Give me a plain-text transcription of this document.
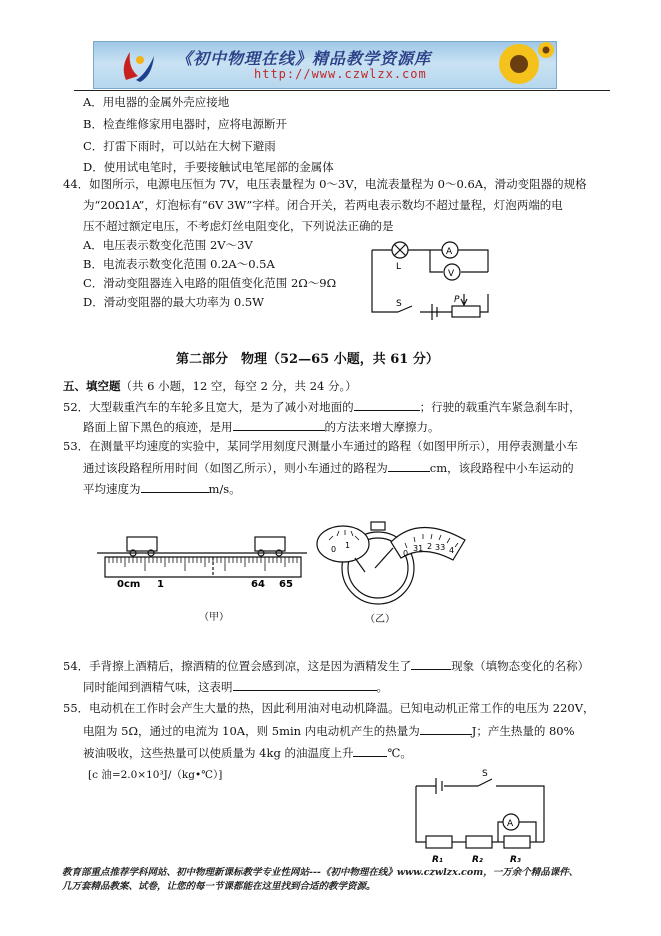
《初中物理在线》精品教学资源库
http://www.czwlzx.com
A．用电器的金属外壳应接地
B．检查维修家用电器时，应将电源断开
C．打雷下雨时，可以站在大树下避雨
D．使用试电笔时，手要接触试电笔尾部的金属体
44．如图所示，电源电压恒为 7V，电压表量程为 0～3V，电流表量程为 0～0.6A，滑动变阻器的规格
为“20Ω1A”，灯泡标有“6V 3W”字样。闭合开关，若两电表示数均不超过量程，灯泡两端的电
压不超过额定电压，不考虑灯丝电阻变化，下列说法正确的是
A．电压表示数变化范围 2V～3V
B．电流表示数变化范围 0.2A～0.5A
C．滑动变阻器连入电路的阻值变化范围 2Ω～9Ω
D．滑动变阻器的最大功率为 0.5W
L
A
V
S	P
第二部分　物理（52—65 小题，共 61 分）
五、填空题（共 6 小题，12 空，每空 2 分，共 24 分。）
52．大型载重汽车的车轮多且宽大，是为了减小对地面的	；行驶的载重汽车紧急刹车时，
路面上留下黑色的痕迹，是用	的方法来增大摩擦力。
53．在测量平均速度的实验中，某同学用刻度尺测量小车通过的路程（如图甲所示），用停表测量小车
通过该段路程所用时间（如图乙所示），则小车通过的路程为	cm，该段路程中小车运动的
平均速度为	m/s。
0cm 1	64 65
（甲）
0 1
0
31 2 33 4
（乙）
54．手背擦上酒精后，擦酒精的位置会感到凉，这是因为酒精发生了	现象（填物态变化的名称）
同时能闻到酒精气味，这表明	。
55．电动机在工作时会产生大量的热，因此利用油对电动机降温。已知电动机正常工作的电压为 220V，
电阻为 5Ω，通过的电流为 10A，则 5min 内电动机产生的热量为	J；产生热量的 80%
被油吸收，这些热量可以使质量为 4kg 的油温度上升	℃。
[c 油=2.0×10³J/（kg•℃）]	S
A
R₁	R₂	R₃
教育部重点推荐学科网站、初中物理新课标教学专业性网站---《初中物理在线》www.czwlzx.com，一万余个精品课件、
几万套精品教案、试卷，让您的每一节课都能在这里找到合适的教学资源。
